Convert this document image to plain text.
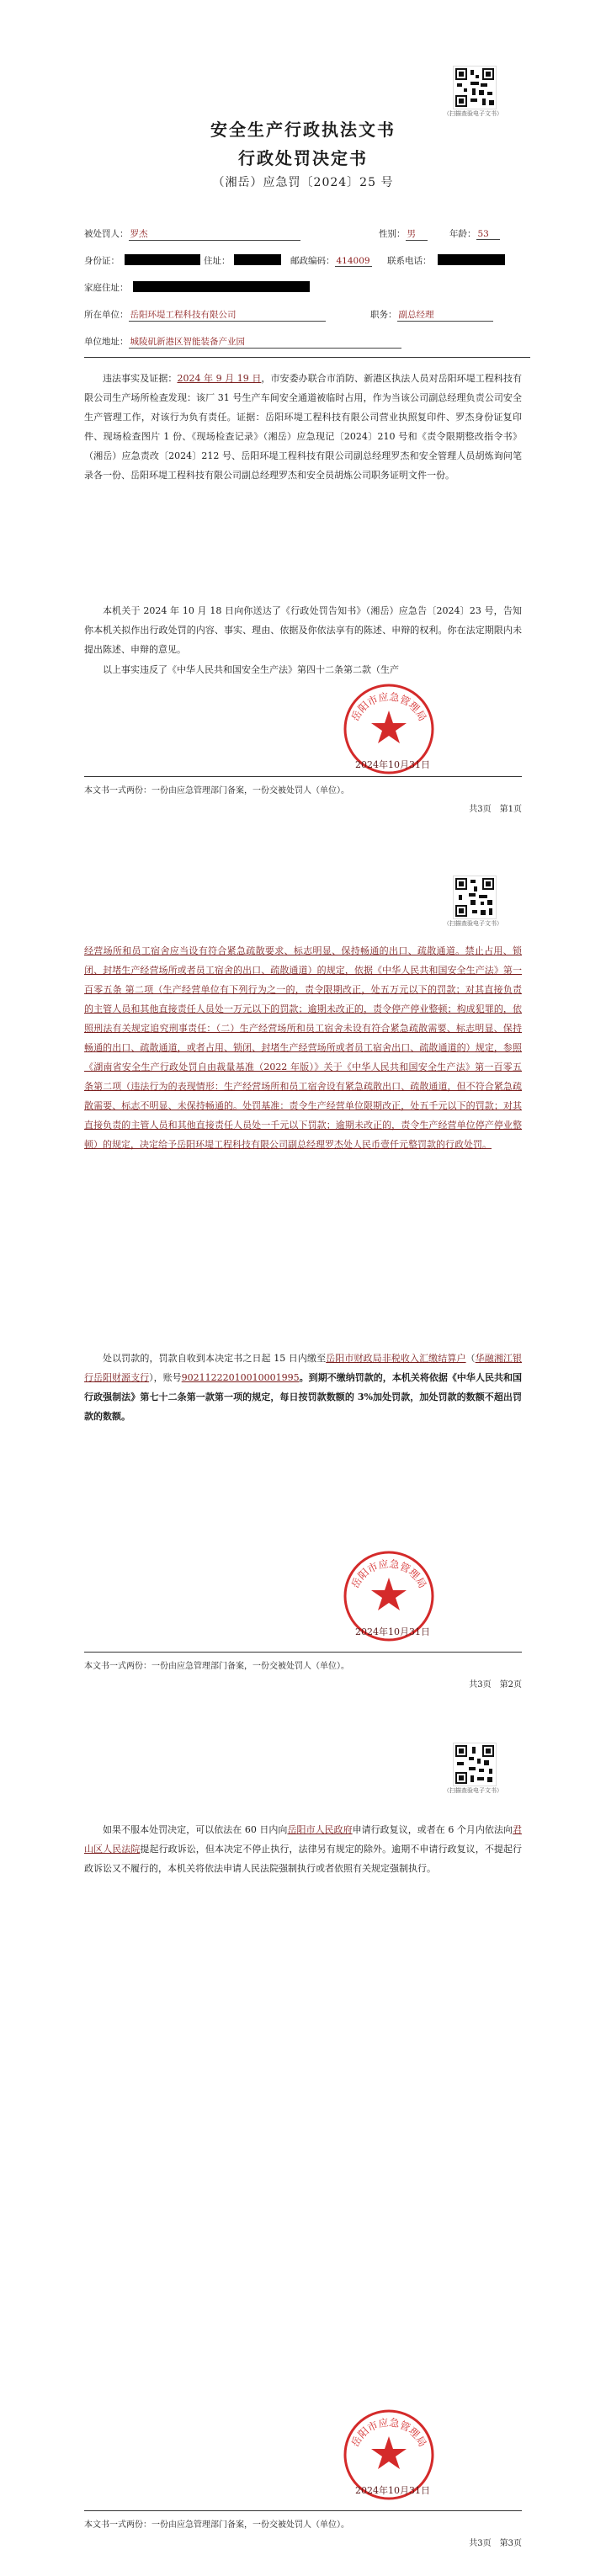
（扫描查验电子文书）
安全生产行政执法文书
行政处罚决定书
（湘岳）应急罚〔2024〕25 号
被处罚人： 罗杰	性别： 男	年龄： 53
身份证：	住址：	邮政编码： 414009 联系电话：
家庭住址：
所在单位： 岳阳环堤工程科技有限公司	职务： 副总经理
单位地址： 城陵矶新港区智能装备产业园
违法事实及证据：2024 年 9 月 19 日，市安委办联合市消防、新港区执法人员对岳阳环堤工程科技有限公司生产场所检查发现：该厂 31 号生产车间安全通道被临时占用，作为当该公司副总经理负责公司安全生产管理工作，对该行为负有责任。证据：岳阳环堤工程科技有限公司营业执照复印件、罗杰身份证复印件、现场检查图片 1 份、《现场检查记录》（湘岳）应急现记〔2024〕210 号和《责令限期整改指令书》（湘岳）应急责改〔2024〕212 号、岳阳环堤工程科技有限公司副总经理罗杰和安全管理人员胡炼询问笔录各一份、岳阳环堤工程科技有限公司副总经理罗杰和安全员胡炼公司职务证明文件一份。
本机关于 2024 年 10 月 18 日向你送达了《行政处罚告知书》（湘岳）应急告〔2024〕23 号，告知你本机关拟作出行政处罚的内容、事实、理由、依据及你依法享有的陈述、申辩的权利。你在法定期限内未提出陈述、申辩的意见。
以上事实违反了《中华人民共和国安全生产法》第四十二条第二款（生产
岳阳市应急管理局
2024年10月31日
本文书一式两份：一份由应急管理部门备案，一份交被处罚人（单位）。
共3页　第1页
（扫描查验电子文书）
经营场所和员工宿舍应当设有符合紧急疏散要求、标志明显、保持畅通的出口、疏散通道。禁止占用、锁闭、封堵生产经营场所或者员工宿舍的出口、疏散通道）的规定，依据《中华人民共和国安全生产法》第一百零五条 第二项（生产经营单位有下列行为之一的，责令限期改正，处五万元以下的罚款；对其直接负责的主管人员和其他直接责任人员处一万元以下的罚款；逾期未改正的，责令停产停业整顿；构成犯罪的，依照刑法有关规定追究刑事责任：（二）生产经营场所和员工宿舍未设有符合紧急疏散需要、标志明显、保持畅通的出口、疏散通道，或者占用、锁闭、封堵生产经营场所或者员工宿舍出口、疏散通道的）规定，参照《湖南省安全生产行政处罚自由裁量基准（2022 年版）》关于《中华人民共和国安全生产法》第一百零五条第二项（违法行为的表现情形：生产经营场所和员工宿舍设有紧急疏散出口、疏散通道，但不符合紧急疏散需要、标志不明显、未保持畅通的。处罚基准：责令生产经营单位限期改正，处五千元以下的罚款；对其直接负责的主管人员和其他直接责任人员处一千元以下罚款；逾期未改正的，责令生产经营单位停产停业整顿）的规定，决定给予岳阳环堤工程科技有限公司副总经理罗杰处人民币壹仟元整罚款的行政处罚。
处以罚款的，罚款自收到本决定书之日起 15 日内缴至岳阳市财政局非税收入汇缴结算户（华融湘江银行岳阳财源支行），账号90211222010010001995。到期不缴纳罚款的，本机关将依据《中华人民共和国行政强制法》第七十二条第一款第一项的规定，每日按罚款数额的 3%加处罚款，加处罚款的数额不超出罚款的数额。
岳阳市应急管理局
2024年10月31日
本文书一式两份：一份由应急管理部门备案，一份交被处罚人（单位）。
共3页　第2页
（扫描查验电子文书）
如果不服本处罚决定，可以依法在 60 日内向岳阳市人民政府申请行政复议，或者在 6 个月内依法向君山区人民法院提起行政诉讼，但本决定不停止执行，法律另有规定的除外。逾期不申请行政复议，不提起行政诉讼又不履行的，本机关将依法申请人民法院强制执行或者依照有关规定强制执行。
岳阳市应急管理局
2024年10月31日
本文书一式两份：一份由应急管理部门备案，一份交被处罚人（单位）。
共3页　第3页
